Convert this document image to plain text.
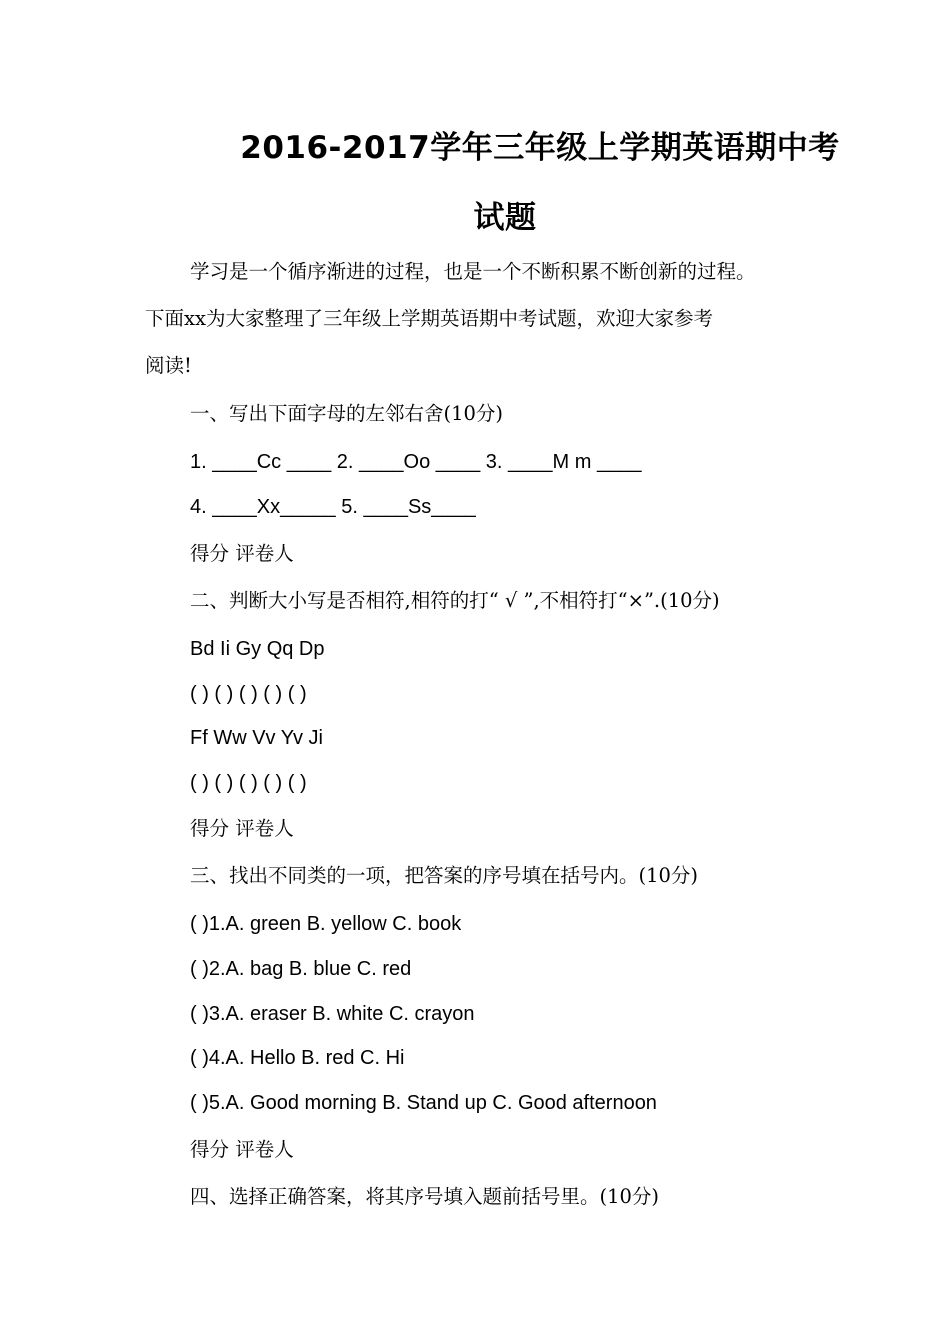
2016-2017学年三年级上学期英语期中考
试题
学习是一个循序渐进的过程，也是一个不断积累不断创新的过程。
下面xx为大家整理了三年级上学期英语期中考试题，欢迎大家参考
阅读!
一、写出下面字母的左邻右舍(10分)
1. ____Cc ____ 2. ____Oo ____ 3. ____M m ____
4. ____Xx_____ 5. ____Ss____
得分 评卷人
二、判断大小写是否相符,相符的打“ √ ”,不相符打“×”.(10分)
Bd Ii Gy Qq Dp
( ) ( ) ( ) ( ) ( )
Ff Ww Vv Yv Ji
( ) ( ) ( ) ( ) ( )
得分 评卷人
三、找出不同类的一项，把答案的序号填在括号内。(10分)
( )1.A. green B. yellow C. book
( )2.A. bag B. blue C. red
( )3.A. eraser B. white C. crayon
( )4.A. Hello B. red C. Hi
( )5.A. Good morning B. Stand up C. Good afternoon
得分 评卷人
四、选择正确答案，将其序号填入题前括号里。(10分)
